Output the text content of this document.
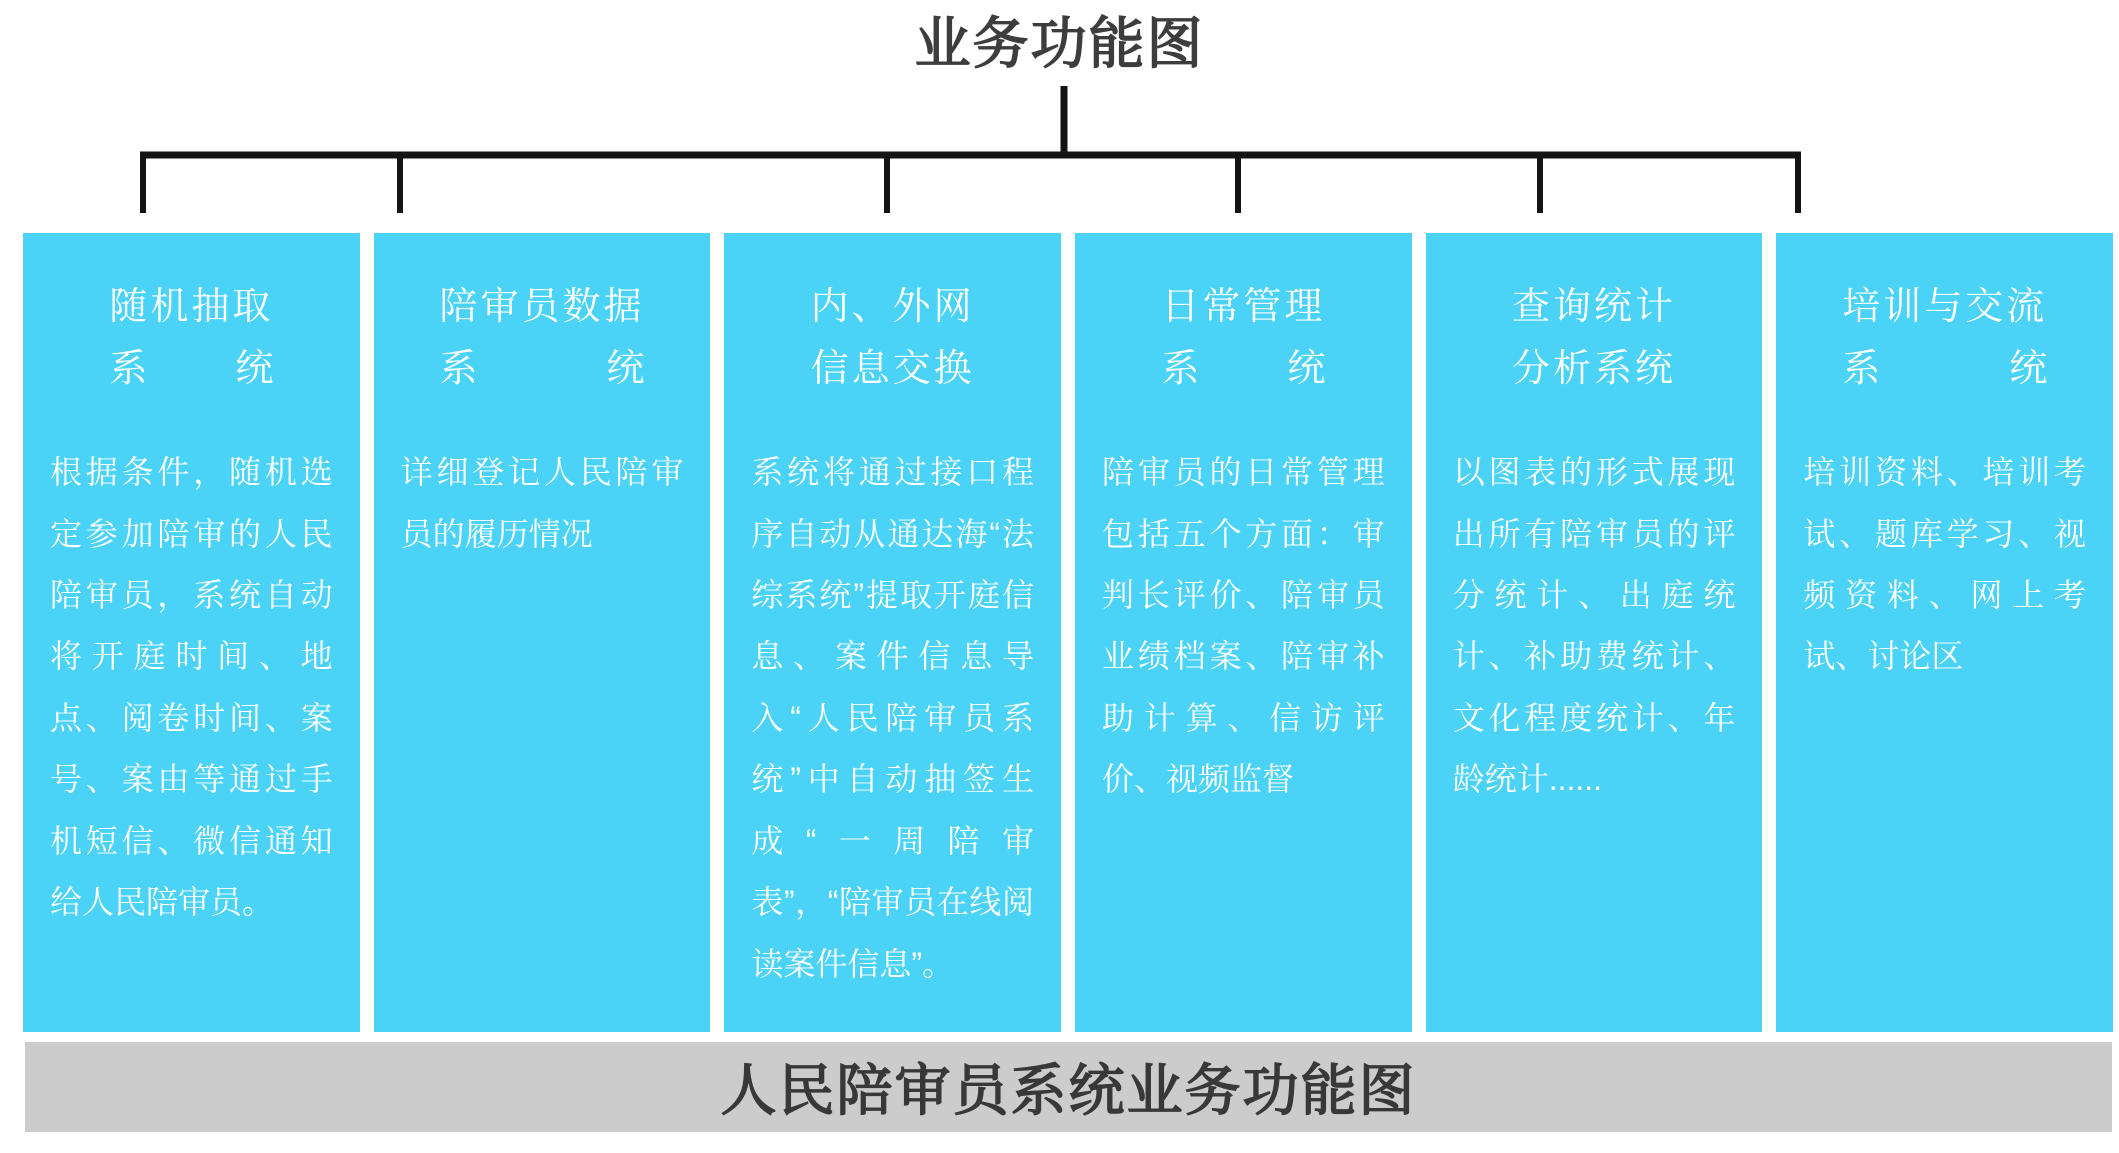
业务功能图
随机抽取
系 统
根据条件，随机选定参加陪审的人民陪审员，系统自动将开庭时间、地点、阅卷时间、案号、案由等通过手机短信、微信通知给人民陪审员。
陪审员数据
系	统
详细登记人民陪审员的履历情况
内、外网
信息交换
系统将通过接口程序自动从通达海“法综系统”提取开庭信息、案件信息导入“人民陪审员系统”中自动抽签生成“一周陪审表”，“陪审员在线阅读案件信息”。
日常管理
系 统
陪审员的日常管理包括五个方面：审判长评价、陪审员业绩档案、陪审补助计算、信访评价、视频监督
查询统计
分析系统
以图表的形式展现出所有陪审员的评分统计、出庭统计、补助费统计、文化程度统计、年龄统计......
培训与交流
系	统
培训资料、培训考试、题库学习、视频资料、网上考试、讨论区
人民陪审员系统业务功能图
